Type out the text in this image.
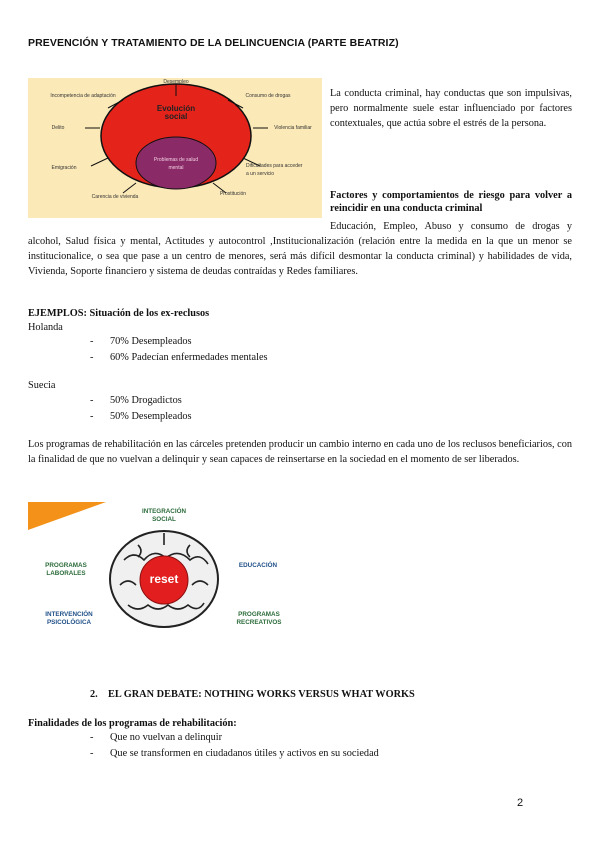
PREVENCIÓN Y TRATAMIENTO DE LA DELINCUENCIA (PARTE BEATRIZ)
Evolución social
Problemas de salud mental
Desempleo
Incompetencia de adaptación	Consumo de drogas
Delito	Violencia familiar
Emigración	Dificultades para acceder a un servicio
Carencia de vivienda	Prostitución
La conducta criminal, hay conductas que son impulsivas, pero normalmente suele estar influenciado por factores contextuales, que actúa sobre el estrés de la persona.
Factores y comportamientos de riesgo para volver a reincidir en una conducta criminal
Educación, Empleo, Abuso y consumo de drogas y alcohol, Salud física y mental, Actitudes y autocontrol ,Institucionalización (relación entre la medida en la que un menor se institucionalice, o sea que pase a un centro de menores, será más difícil desmontar la conducta criminal) y habilidades de vida, Vivienda, Soporte financiero y sistema de deudas contraídas y Redes familiares.
EJEMPLOS: Situación de los ex-reclusos
Holanda
- 70% Desempleados
- 60% Padecían enfermedades mentales
Suecia
- 50% Drogadictos
- 50% Desempleados
Los programas de rehabilitación en las cárceles pretenden producir un cambio interno en cada uno de los reclusos beneficiarios, con la finalidad de que no vuelvan a delinquir y sean capaces de reinsertarse en la sociedad en el momento de ser liberados.
reset
INTEGRACIÓN SOCIAL
PROGRAMAS LABORALES
EDUCACIÓN
INTERVENCIÓN PSICOLÓGICA
PROGRAMAS RECREATIVOS
2. EL GRAN DEBATE: NOTHING WORKS VERSUS WHAT WORKS
Finalidades de los programas de rehabilitación:
- Que no vuelvan a delinquir
- Que se transformen en ciudadanos útiles y activos en su sociedad
2
